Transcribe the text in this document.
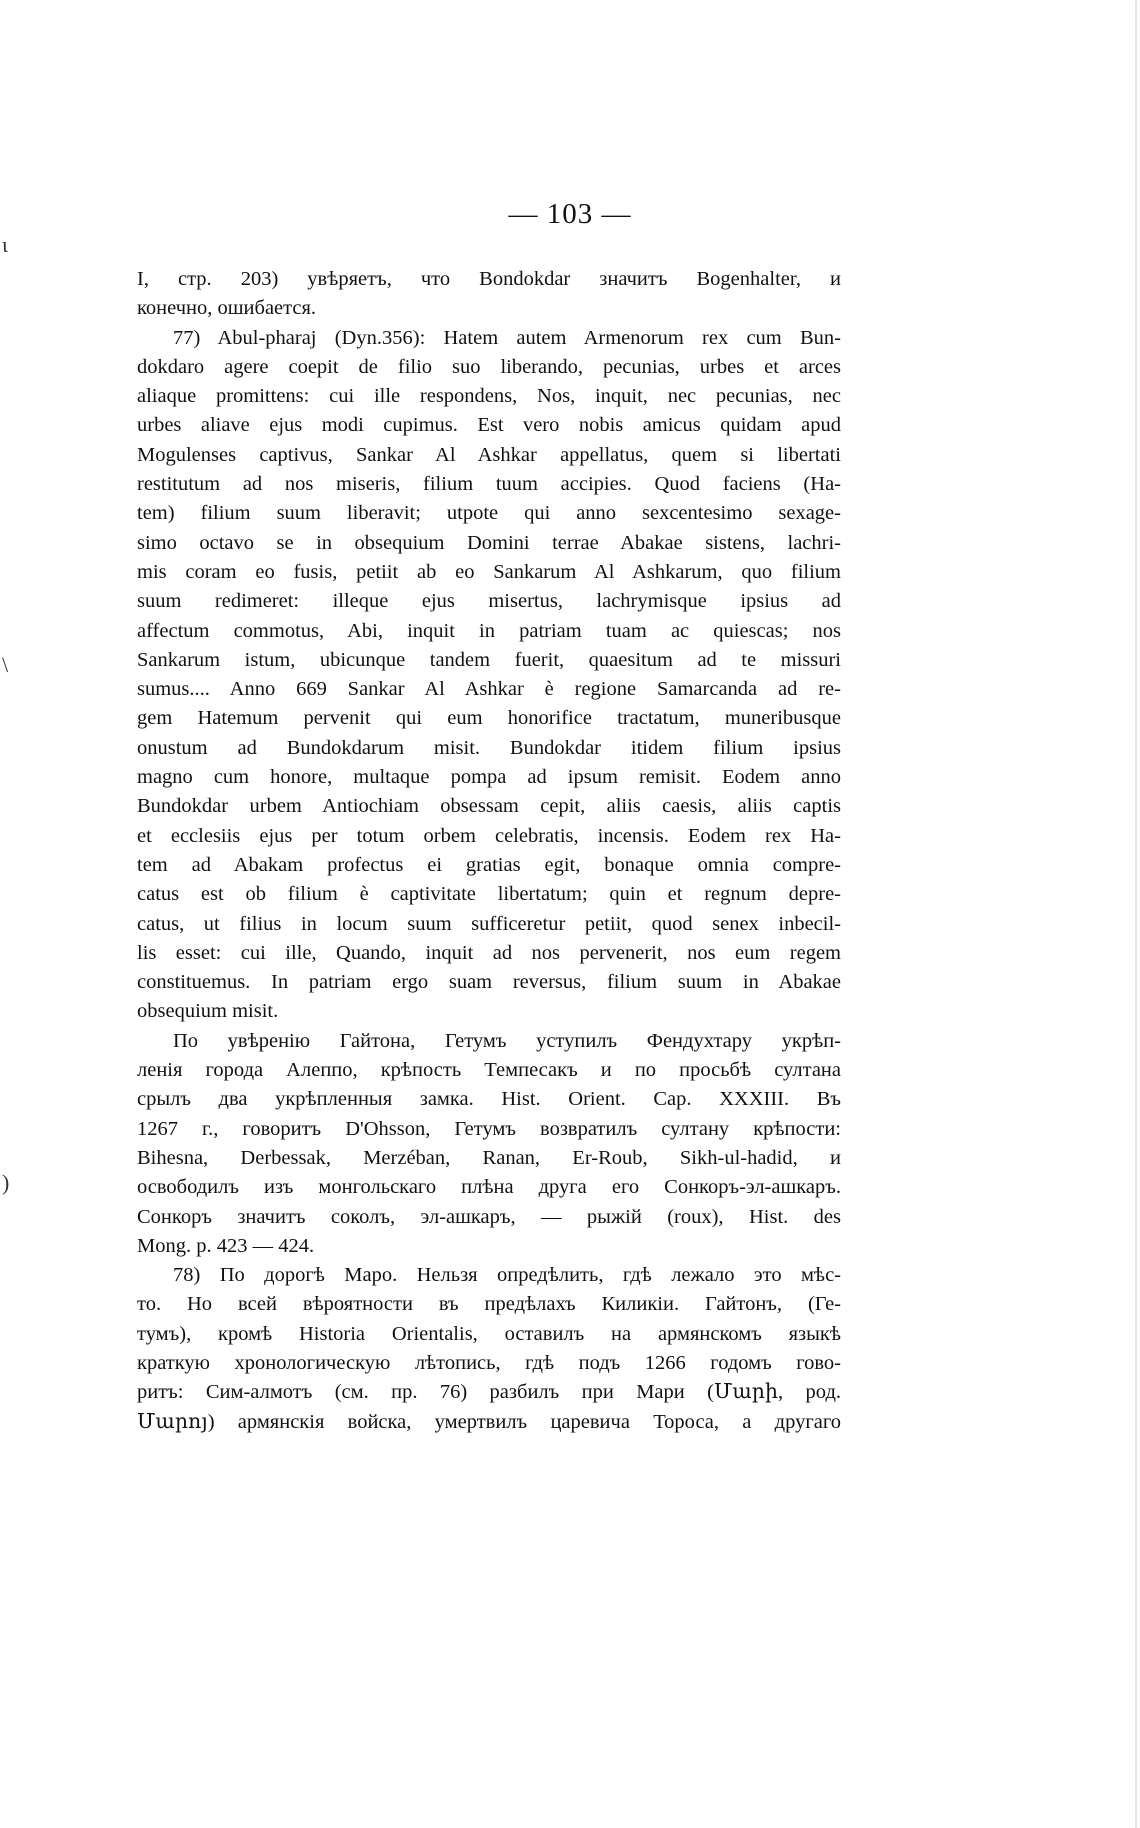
ι
\
)
— 103 —
I, стр. 203) увѣряетъ, что Bondokdar значитъ Bogenhalter, и
конечно, ошибается.
77) Abul-pharaj (Dyn.356): Hatem autem Armenorum rex cum Bun-
dokdaro agere coepit de filio suo liberando, pecunias, urbes et arces
aliaque promittens: cui ille respondens, Nos, inquit, nec pecunias, nec
urbes aliave ejus modi cupimus. Est vero nobis amicus quidam apud
Mogulenses captivus, Sankar Al Ashkar appellatus, quem si libertati
restitutum ad nos miseris, filium tuum accipies. Quod faciens (Ha-
tem) filium suum liberavit; utpote qui anno sexcentesimo sexage-
simo octavo se in obsequium Domini terrae Abakae sistens, lachri-
mis coram eo fusis, petiit ab eo Sankarum Al Ashkarum, quo filium
suum redimeret: illeque ejus misertus, lachrymisque ipsius ad
affectum commotus, Abi, inquit in patriam tuam ac quiescas; nos
Sankarum istum, ubicunque tandem fuerit, quaesitum ad te missuri
sumus.... Anno 669 Sankar Al Ashkar è regione Samarcanda ad re-
gem Hatemum pervenit qui eum honorifice tractatum, muneribusque
onustum ad Bundokdarum misit. Bundokdar itidem filium ipsius
magno cum honore, multaque pompa ad ipsum remisit. Eodem anno
Bundokdar urbem Antiochiam obsessam cepit, aliis caesis, aliis captis
et ecclesiis ejus per totum orbem celebratis, incensis. Eodem rex Ha-
tem ad Abakam profectus ei gratias egit, bonaque omnia compre-
catus est ob filium è captivitate libertatum; quin et regnum depre-
catus, ut filius in locum suum sufficeretur petiit, quod senex inbecil-
lis esset: cui ille, Quando, inquit ad nos pervenerit, nos eum regem
constituemus. In patriam ergo suam reversus, filium suum in Abakae
obsequium misit.
По увѣренію Гайтона, Гетумъ уступилъ Фендухтару укрѣп-
ленія города Алеппо, крѣпость Темпесакъ и по просьбѣ султана
срылъ два укрѣпленныя замка. Hist. Orient. Cap. XXXIII. Въ
1267 г., говоритъ D'Ohsson, Гетумъ возвратилъ султану крѣпости:
Bihesna, Derbessak, Merzéban, Ranan, Er-Roub, Sikh-ul-hadid, и
освободилъ изъ монгольскаго плѣна друга его Сонкоръ-эл-ашкаръ.
Сонкоръ значитъ соколъ, эл-ашкаръ, — рыжій (roux), Hist. des
Mong. p. 423 — 424.
78) По дорогѣ Маро. Нельзя опредѣлить, гдѣ лежало это мѣс-
то. Но всей вѣроятности въ предѣлахъ Киликіи. Гайтонъ, (Ге-
тумъ), кромѣ Historia Orientalis, оставилъ на армянскомъ языкѣ
краткую хронологическую лѣтопись, гдѣ подъ 1266 годомъ гово-
ритъ: Сим-алмотъ (см. пр. 76) разбилъ при Мари (Մարի, род.
Մարոյ) армянскія войска, умертвилъ царевича Тороса, а другаго
